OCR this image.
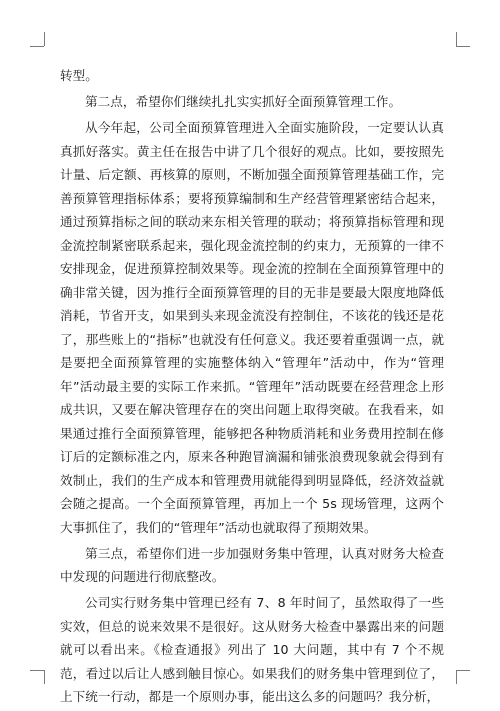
转型。

第二点，希望你们继续扎扎实实抓好全面预算管理工作。

从今年起，公司全面预算管理进入全面实施阶段，一定要认认真真抓好落实。黄主任在报告中讲了几个很好的观点。比如，要按照先计量、后定额、再核算的原则，不断加强全面预算管理基础工作，完善预算管理指标体系；要将预算编制和生产经营管理紧密结合起来，通过预算指标之间的联动来东相关管理的联动；将预算指标管理和现金流控制紧密联系起来，强化现金流控制的约束力，无预算的一律不安排现金，促进预算控制效果等。现金流的控制在全面预算管理中的确非常关键，因为推行全面预算管理的目的无非是要最大限度地降低消耗，节省开支，如果到头来现金流没有控制住，不该花的钱还是花了，那些账上的“指标”也就没有任何意义。我还要着重强调一点，就是要把全面预算管理的实施整体纳入“管理年”活动中，作为“管理年”活动最主要的实际工作来抓。“管理年”活动既要在经营理念上形成共识，又要在解决管理存在的突出问题上取得突破。在我看来，如果通过推行全面预算管理，能够把各种物质消耗和业务费用控制在修订后的定额标准之内，原来各种跑冒滴漏和铺张浪费现象就会得到有效制止，我们的生产成本和管理费用就能得到明显降低，经济效益就会随之提高。一个全面预算管理，再加上一个 5s 现场管理，这两个大事抓住了，我们的“管理年”活动也就取得了预期效果。

第三点，希望你们进一步加强财务集中管理，认真对财务大检查中发现的问题进行彻底整改。

公司实行财务集中管理已经有 7、8 年时间了，虽然取得了一些实效，但总的说来效果不是很好。这从财务大检查中暴露出来的问题就可以看出来。《检查通报》列出了 10 大问题，其中有 7 个不规范，看过以后让人感到触目惊心。如果我们的财务集中管理到位了，上下统一行动，都是一个原则办事，能出这么多的问题吗？我分析，
